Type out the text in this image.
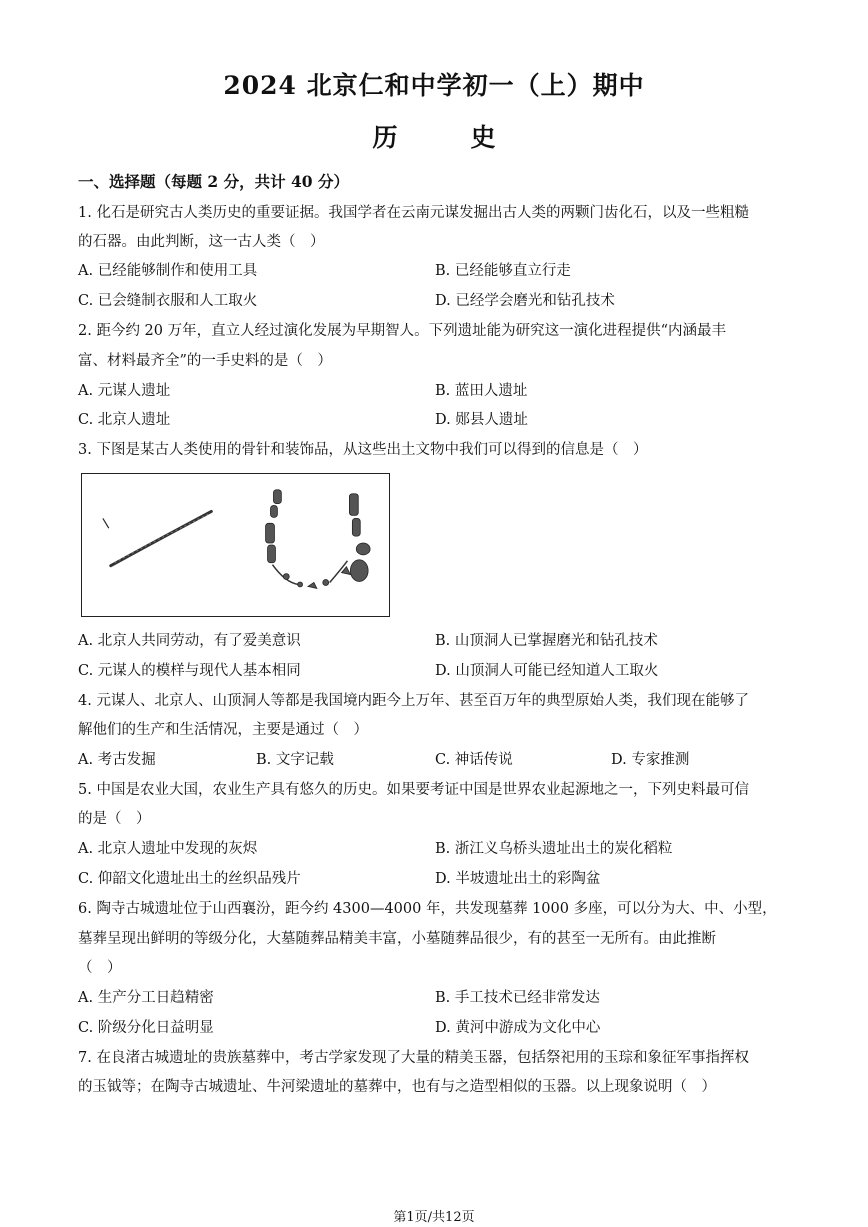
2024 北京仁和中学初一（上）期中
历　史
一、选择题（每题 2 分，共计 40 分）
1. 化石是研究古人类历史的重要证据。我国学者在云南元谋发掘出古人类的两颗门齿化石，以及一些粗糙
的石器。由此判断，这一古人类（　）
A. 已经能够制作和使用工具	B. 已经能够直立行走
C. 已会缝制衣服和人工取火	D. 已经学会磨光和钻孔技术
2. 距今约 20 万年，直立人经过演化发展为早期智人。下列遗址能为研究这一演化进程提供“内涵最丰
富、材料最齐全”的一手史料的是（　）
A. 元谋人遗址	B. 蓝田人遗址
C. 北京人遗址	D. 郧县人遗址
3. 下图是某古人类使用的骨针和装饰品，从这些出土文物中我们可以得到的信息是（　）
A. 北京人共同劳动，有了爱美意识	B. 山顶洞人已掌握磨光和钻孔技术
C. 元谋人的模样与现代人基本相同	D. 山顶洞人可能已经知道人工取火
4. 元谋人、北京人、山顶洞人等都是我国境内距今上万年、甚至百万年的典型原始人类，我们现在能够了
解他们的生产和生活情况，主要是通过（　）
A. 考古发掘	B. 文字记载	C. 神话传说	D. 专家推测
5. 中国是农业大国，农业生产具有悠久的历史。如果要考证中国是世界农业起源地之一，下列史料最可信
的是（　）
A. 北京人遗址中发现的灰烬	B. 浙江义乌桥头遗址出土的炭化稻粒
C. 仰韶文化遗址出土的丝织品残片	D. 半坡遗址出土的彩陶盆
6. 陶寺古城遗址位于山西襄汾，距今约 4300—4000 年，共发现墓葬 1000 多座，可以分为大、中、小型，
墓葬呈现出鲜明的等级分化，大墓随葬品精美丰富，小墓随葬品很少，有的甚至一无所有。由此推断
（　）
A. 生产分工日趋精密	B. 手工技术已经非常发达
C. 阶级分化日益明显	D. 黄河中游成为文化中心
7. 在良渚古城遗址的贵族墓葬中，考古学家发现了大量的精美玉器，包括祭祀用的玉琮和象征军事指挥权
的玉钺等；在陶寺古城遗址、牛河梁遗址的墓葬中，也有与之造型相似的玉器。以上现象说明（　）
第1页/共12页
